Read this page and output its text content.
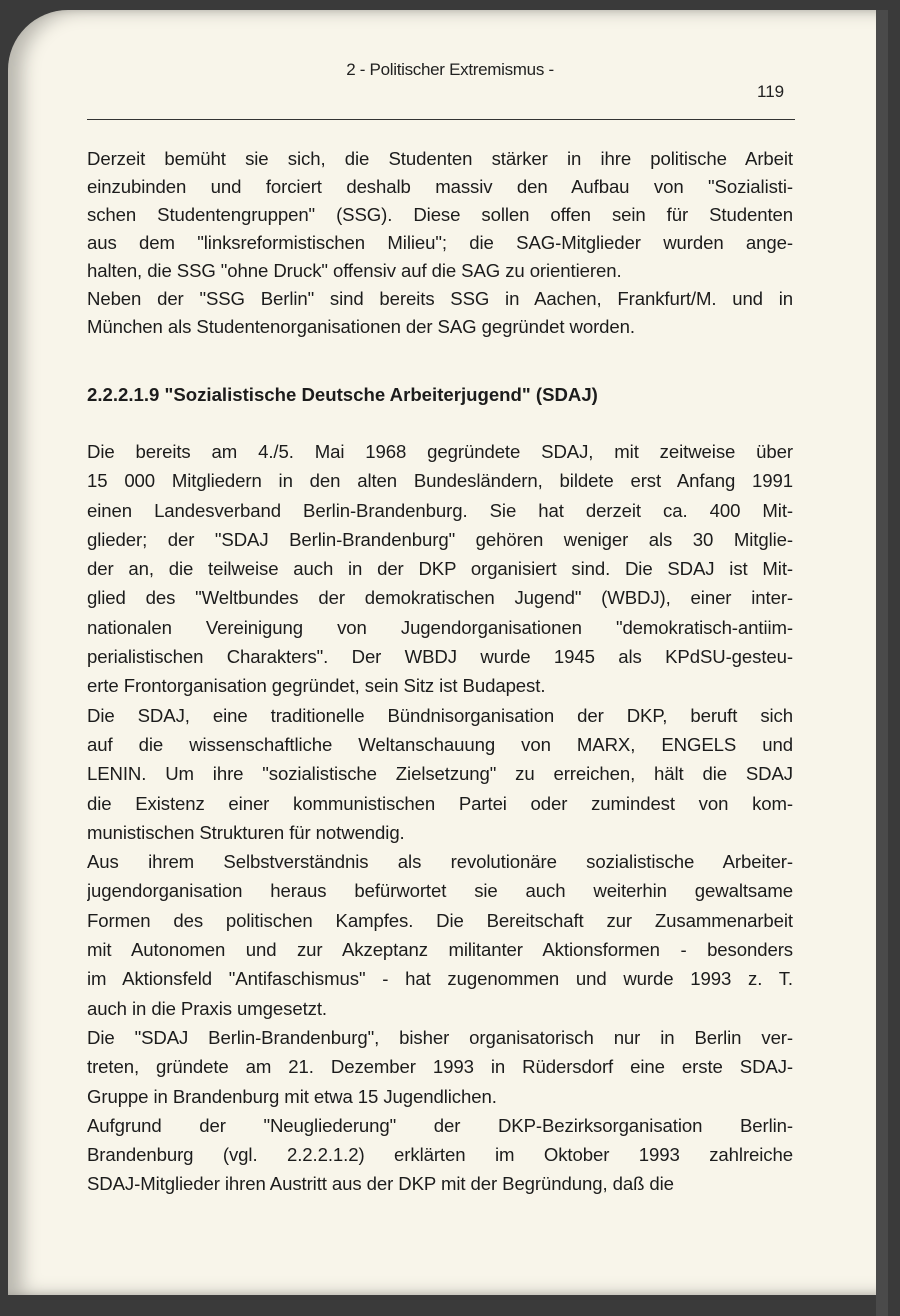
2 - Politischer Extremismus -
119
Derzeit bemüht sie sich, die Studenten stärker in ihre politische Arbeit
einzubinden und forciert deshalb massiv den Aufbau von "Sozialisti-
schen Studentengruppen" (SSG). Diese sollen offen sein für Studenten
aus dem "linksreformistischen Milieu"; die SAG-Mitglieder wurden ange-
halten, die SSG "ohne Druck" offensiv auf die SAG zu orientieren.
Neben der "SSG Berlin" sind bereits SSG in Aachen, Frankfurt/M. und in
München als Studentenorganisationen der SAG gegründet worden.
2.2.2.1.9 "Sozialistische Deutsche Arbeiterjugend" (SDAJ)
Die bereits am 4./5. Mai 1968 gegründete SDAJ, mit zeitweise über
15 000 Mitgliedern in den alten Bundesländern, bildete erst Anfang 1991
einen Landesverband Berlin-Brandenburg. Sie hat derzeit ca. 400 Mit-
glieder; der "SDAJ Berlin-Brandenburg" gehören weniger als 30 Mitglie-
der an, die teilweise auch in der DKP organisiert sind. Die SDAJ ist Mit-
glied des "Weltbundes der demokratischen Jugend" (WBDJ), einer inter-
nationalen Vereinigung von Jugendorganisationen "demokratisch-antiim-
perialistischen Charakters". Der WBDJ wurde 1945 als KPdSU-gesteu-
erte Frontorganisation gegründet, sein Sitz ist Budapest.
Die SDAJ, eine traditionelle Bündnisorganisation der DKP, beruft sich
auf die wissenschaftliche Weltanschauung von MARX, ENGELS und
LENIN. Um ihre "sozialistische Zielsetzung" zu erreichen, hält die SDAJ
die Existenz einer kommunistischen Partei oder zumindest von kom-
munistischen Strukturen für notwendig.
Aus ihrem Selbstverständnis als revolutionäre sozialistische Arbeiter-
jugendorganisation heraus befürwortet sie auch weiterhin gewaltsame
Formen des politischen Kampfes. Die Bereitschaft zur Zusammenarbeit
mit Autonomen und zur Akzeptanz militanter Aktionsformen - besonders
im Aktionsfeld "Antifaschismus" - hat zugenommen und wurde 1993 z. T.
auch in die Praxis umgesetzt.
Die "SDAJ Berlin-Brandenburg", bisher organisatorisch nur in Berlin ver-
treten, gründete am 21. Dezember 1993 in Rüdersdorf eine erste SDAJ-
Gruppe in Brandenburg mit etwa 15 Jugendlichen.
Aufgrund der "Neugliederung" der DKP-Bezirksorganisation Berlin-
Brandenburg (vgl. 2.2.2.1.2) erklärten im Oktober 1993 zahlreiche
SDAJ-Mitglieder ihren Austritt aus der DKP mit der Begründung, daß die
